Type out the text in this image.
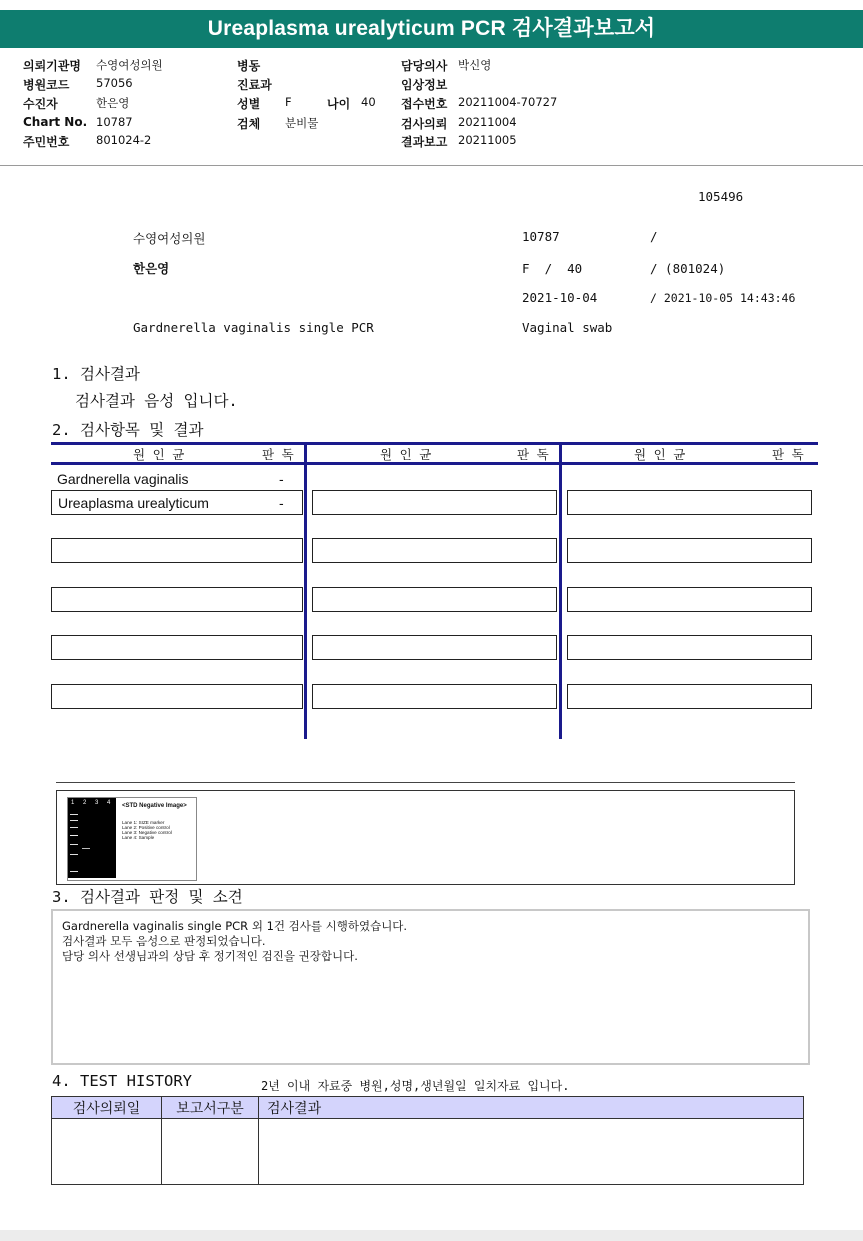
Ureaplasma urealyticum PCR 검사결과보고서
의뢰기관명 수영여성의원
병원코드 57056
수진자	한은영
Chart No. 10787
주민번호 801024-2
병동
진료과
성별 F	나이 40
검체 분비물
담당의사 박신영
임상정보
접수번호 20211004-70727
검사의뢰 20211004
결과보고 20211005
105496
수영여성의원	10787	/
한은영	F  /  40	/ (801024)
2021-10-04	/ 2021-10-05 14:43:46
Gardnerella vaginalis single PCR	Vaginal swab
1. 검사결과
검사결과 음성 입니다.
2. 검사항목 및 결과
원 인 균	판 독	원 인 균	판 독	원 인 균	판 독
Gardnerella vaginalis	-
Ureaplasma urealyticum	-
1 2 3 4 <STD Negative Image>
Lane 1: SIZE marker
Lane 2: Positive control
Lane 3: Negative control
Lane 4: Sample
3. 검사결과 판정 및 소견
Gardnerella vaginalis single PCR 외 1건 검사를 시행하였습니다.
검사결과 모두 음성으로 판정되었습니다.
담당 의사 선생님과의 상담 후 정기적인 검진을 권장합니다.
4. TEST HISTORY	2년 이내 자료중 병원,성명,생년월일 일치자료 입니다.
검사의뢰일	보고서구분	검사결과
